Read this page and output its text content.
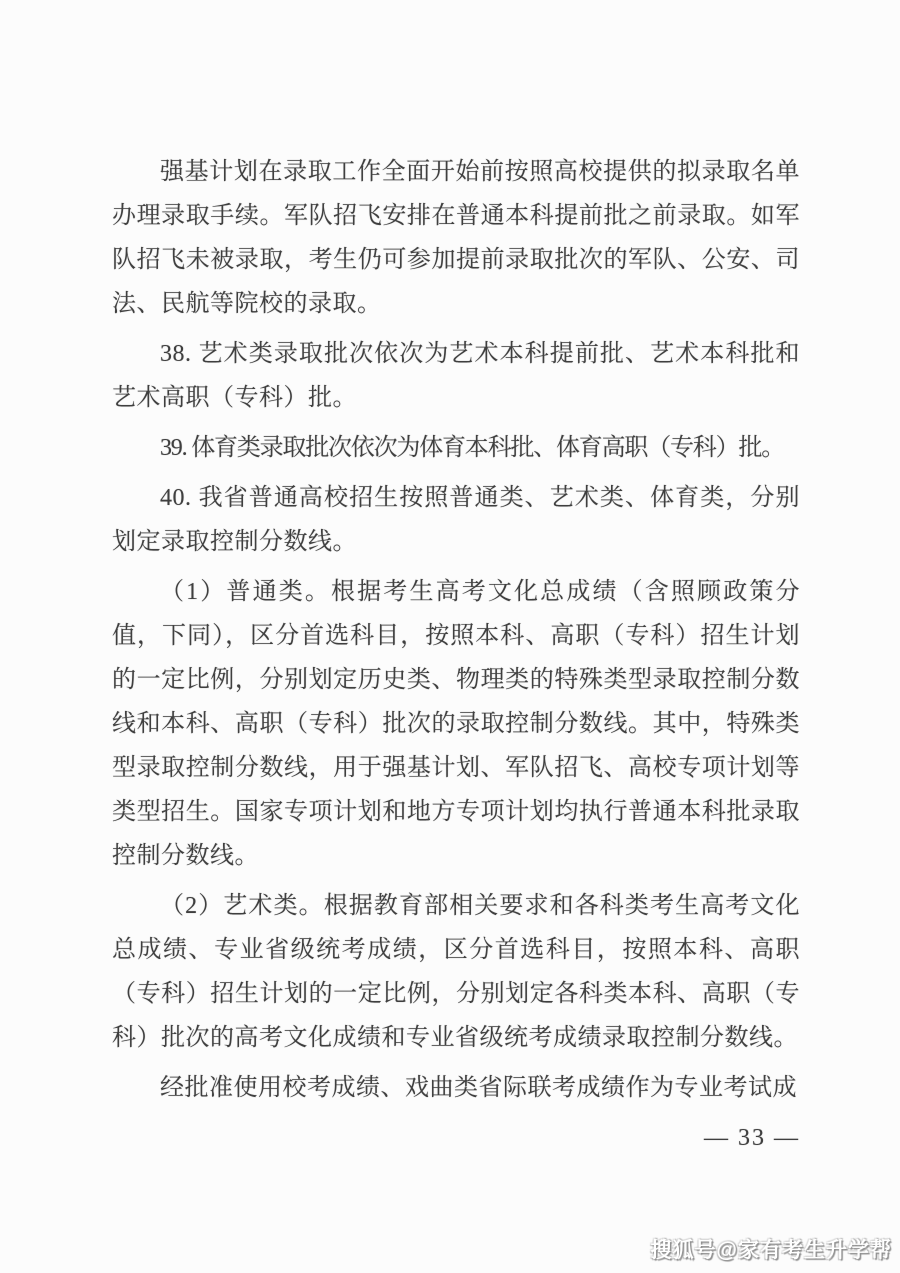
强基计划在录取工作全面开始前按照高校提供的拟录取名单办理录取手续。军队招飞安排在普通本科提前批之前录取。如军队招飞未被录取，考生仍可参加提前录取批次的军队、公安、司法、民航等院校的录取。

38. 艺术类录取批次依次为艺术本科提前批、艺术本科批和艺术高职（专科）批。

39. 体育类录取批次依次为体育本科批、体育高职（专科）批。

40. 我省普通高校招生按照普通类、艺术类、体育类，分别划定录取控制分数线。

（1）普通类。根据考生高考文化总成绩（含照顾政策分值，下同），区分首选科目，按照本科、高职（专科）招生计划的一定比例，分别划定历史类、物理类的特殊类型录取控制分数线和本科、高职（专科）批次的录取控制分数线。其中，特殊类型录取控制分数线，用于强基计划、军队招飞、高校专项计划等类型招生。国家专项计划和地方专项计划均执行普通本科批录取控制分数线。

（2）艺术类。根据教育部相关要求和各科类考生高考文化总成绩、专业省级统考成绩，区分首选科目，按照本科、高职（专科）招生计划的一定比例，分别划定各科类本科、高职（专科）批次的高考文化成绩和专业省级统考成绩录取控制分数线。

经批准使用校考成绩、戏曲类省际联考成绩作为专业考试成

— 33 —
搜狐号@家有考生升学帮
